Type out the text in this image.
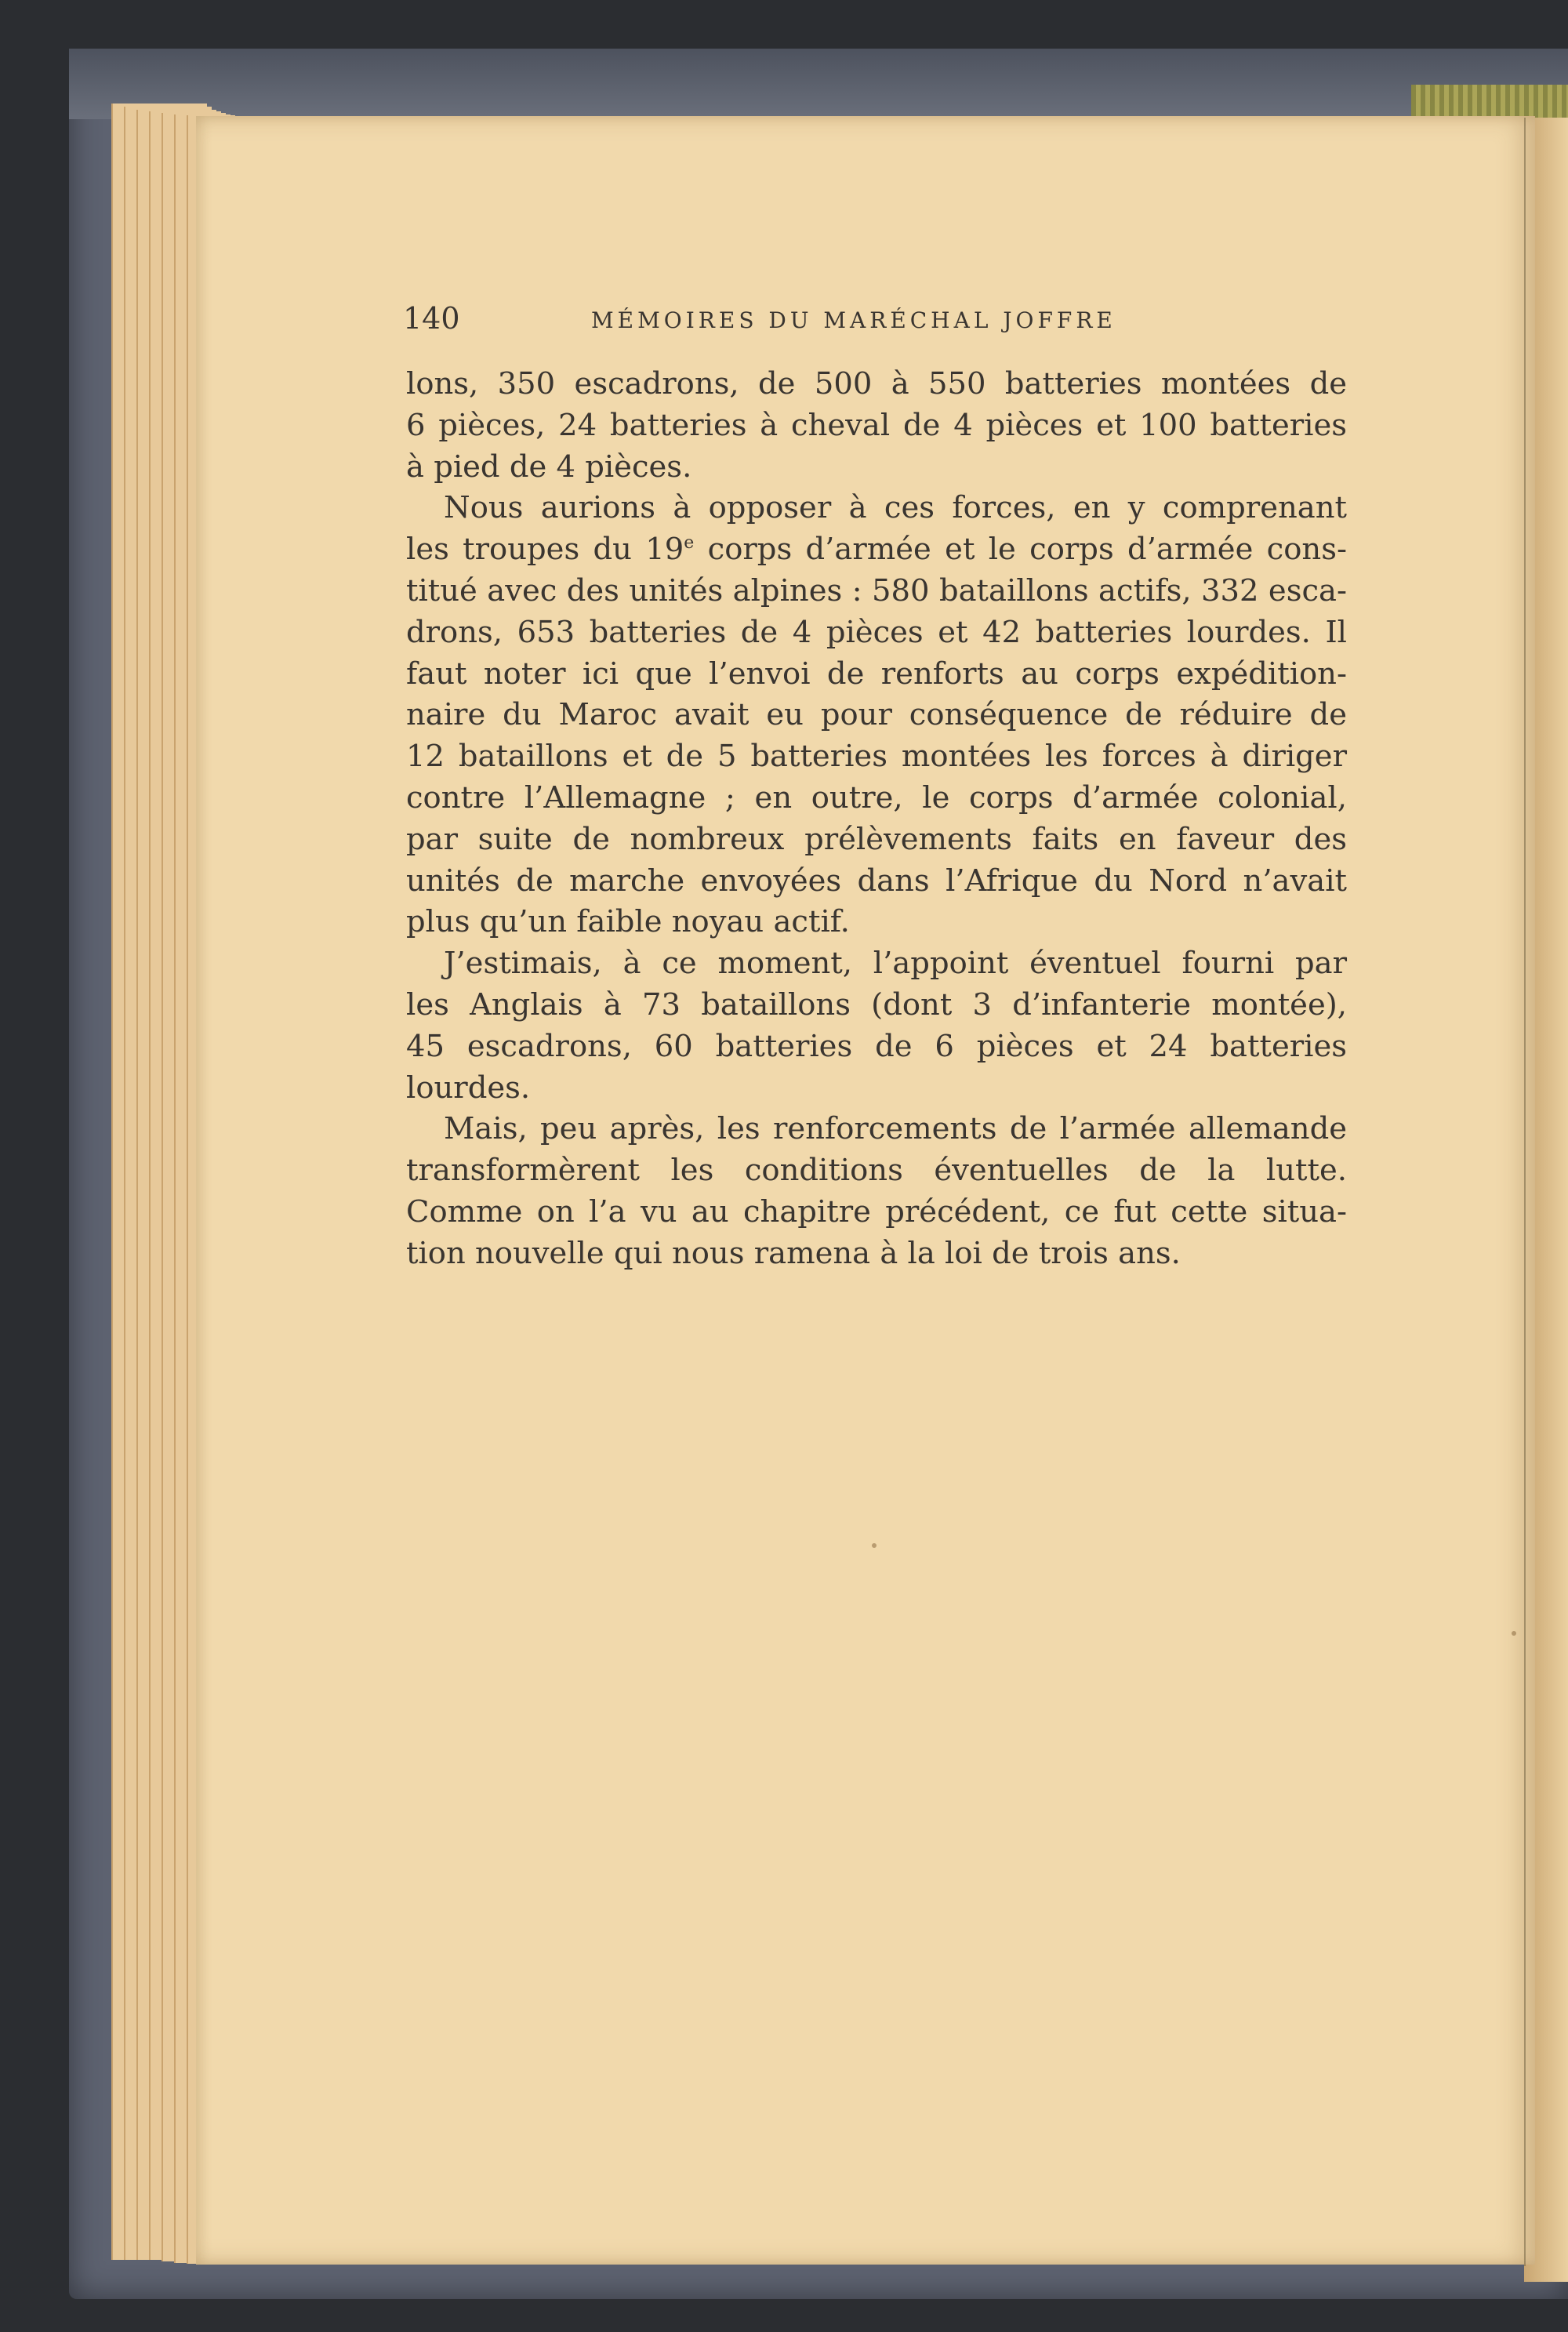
140	MÉMOIRES DU MARÉCHAL JOFFRE
lons, 350 escadrons, de 500 à 550 batteries montées de
6 pièces, 24 batteries à cheval de 4 pièces et 100 batteries
à pied de 4 pièces.
Nous aurions à opposer à ces forces, en y comprenant
les troupes du 19e corps d’armée et le corps d’armée cons-
titué avec des unités alpines : 580 bataillons actifs, 332 esca-
drons, 653 batteries de 4 pièces et 42 batteries lourdes. Il
faut noter ici que l’envoi de renforts au corps expédition-
naire du Maroc avait eu pour conséquence de réduire de
12 bataillons et de 5 batteries montées les forces à diriger
contre l’Allemagne ; en outre, le corps d’armée colonial,
par suite de nombreux prélèvements faits en faveur des
unités de marche envoyées dans l’Afrique du Nord n’avait
plus qu’un faible noyau actif.
J’estimais, à ce moment, l’appoint éventuel fourni par
les Anglais à 73 bataillons (dont 3 d’infanterie montée),
45 escadrons, 60 batteries de 6 pièces et 24 batteries
lourdes.
Mais, peu après, les renforcements de l’armée allemande
transformèrent les conditions éventuelles de la lutte.
Comme on l’a vu au chapitre précédent, ce fut cette situa-
tion nouvelle qui nous ramena à la loi de trois ans.
